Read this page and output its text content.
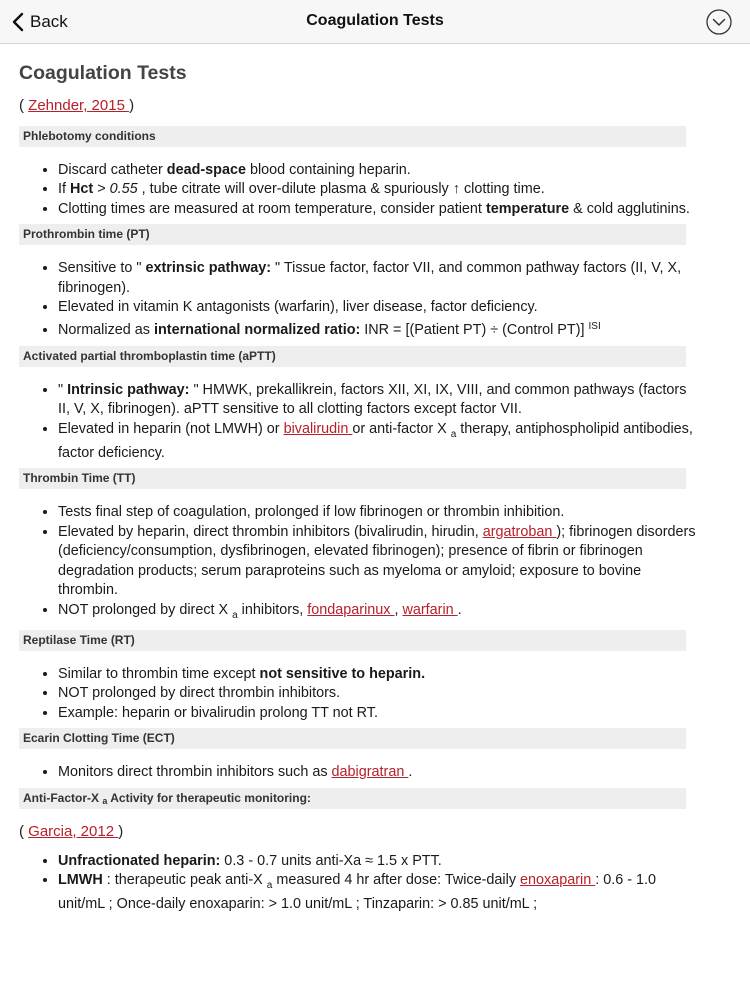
Back	Coagulation Tests
Coagulation Tests
( Zehnder, 2015 )
Phlebotomy conditions
• Discard catheter dead-space blood containing heparin.
• If Hct > 0.55 , tube citrate will over-dilute plasma & spuriously ↑ clotting time.
• Clotting times are measured at room temperature, consider patient temperature & cold agglutinins.
Prothrombin time (PT)
• Sensitive to " extrinsic pathway: " Tissue factor, factor VII, and common pathway factors (II, V, X, fibrinogen).
• Elevated in vitamin K antagonists (warfarin), liver disease, factor deficiency.
• Normalized as international normalized ratio: INR = [(Patient PT) ÷ (Control PT)] $^{ISI}$
Activated partial thromboplastin time (aPTT)
• " Intrinsic pathway: " HMWK, prekallikrein, factors XII, XI, IX, VIII, and common pathways (factors II, V, X, fibrinogen). aPTT sensitive to all clotting factors except factor VII.
• Elevated in heparin (not LMWH) or bivalirudin or anti-factor X $_a$ therapy, antiphospholipid antibodies, factor deficiency.
Thrombin Time (TT)
• Tests final step of coagulation, prolonged if low fibrinogen or thrombin inhibition.
• Elevated by heparin, direct thrombin inhibitors (bivalirudin, hirudin, argatroban ); fibrinogen disorders (deficiency/consumption, dysfibrinogen, elevated fibrinogen); presence of fibrin or fibrinogen degradation products; serum paraproteins such as myeloma or amyloid; exposure to bovine thrombin.
• NOT prolonged by direct X $_a$ inhibitors, fondaparinux , warfarin .
Reptilase Time (RT)
• Similar to thrombin time except not sensitive to heparin.
• NOT prolonged by direct thrombin inhibitors.
• Example: heparin or bivalirudin prolong TT not RT.
Ecarin Clotting Time (ECT)
• Monitors direct thrombin inhibitors such as dabigratran .
Anti-Factor-X $_a$ Activity for therapeutic monitoring:
( Garcia, 2012 )
• Unfractionated heparin: 0.3 - 0.7 units anti-Xa ≈ 1.5 x PTT.
• LMWH : therapeutic peak anti-X $_a$ measured 4 hr after dose: Twice-daily enoxaparin : 0.6 - 1.0 unit/mL ; Once-daily enoxaparin: > 1.0 unit/mL ; Tinzaparin: > 0.85 unit/mL ;
